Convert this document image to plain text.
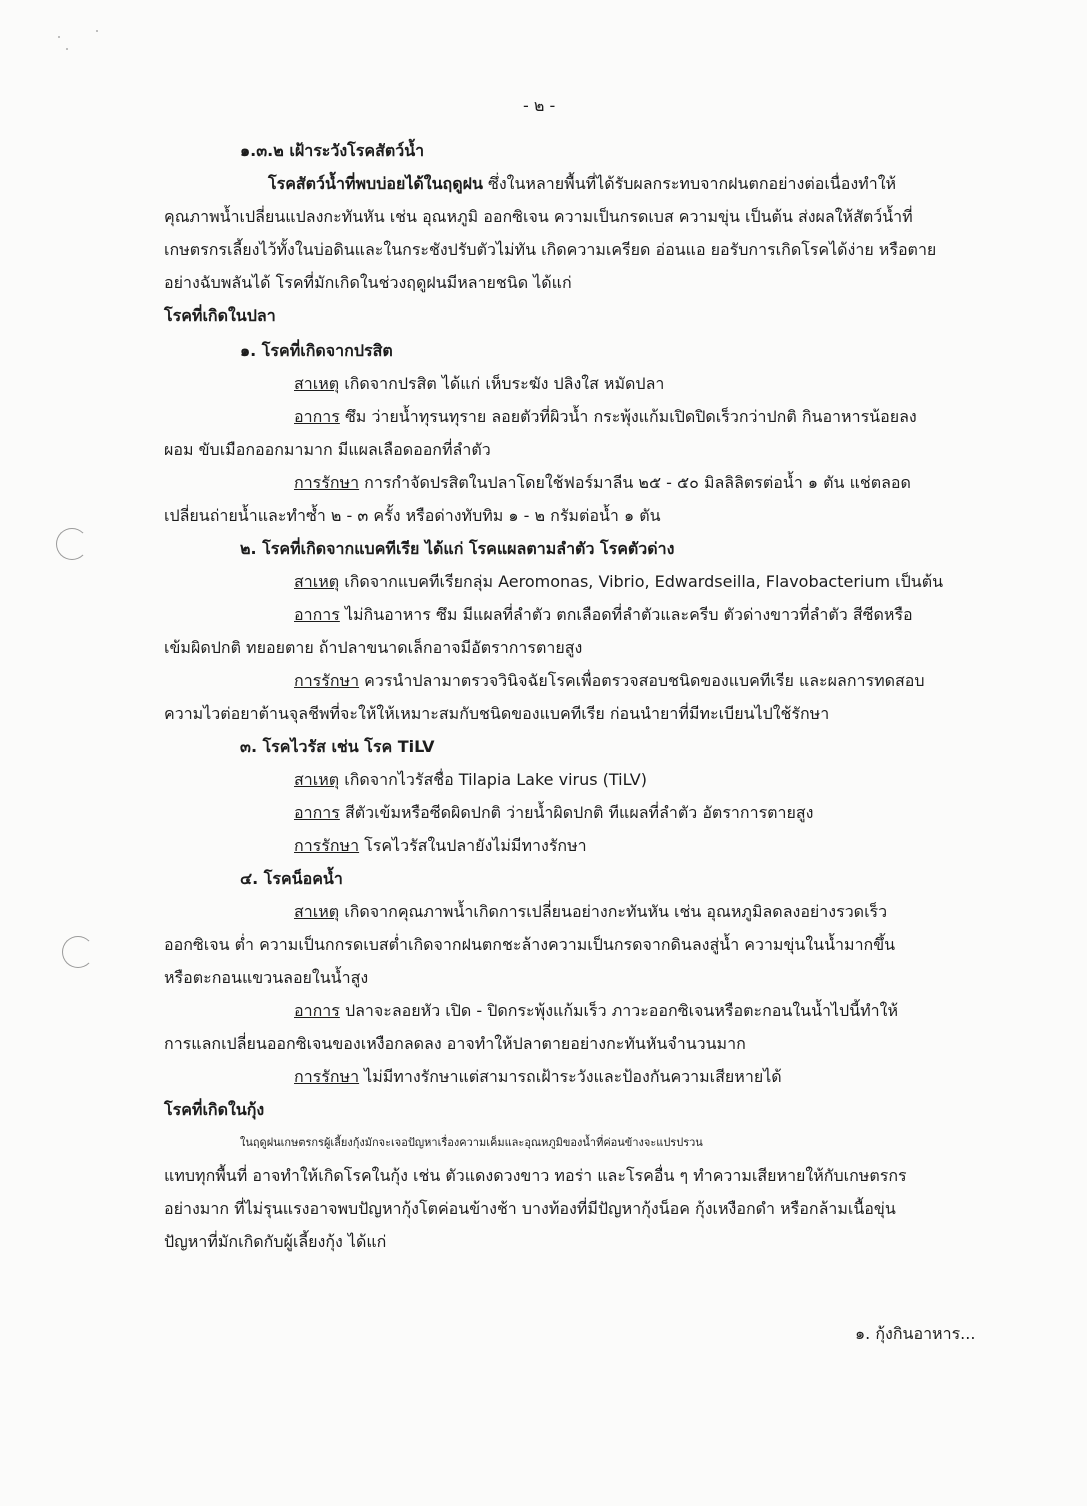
- ๒ -
๑.๓.๒ เฝ้าระวังโรคสัตว์น้ำ
โรคสัตว์น้ำที่พบบ่อยได้ในฤดูฝน ซึ่งในหลายพื้นที่ได้รับผลกระทบจากฝนตกอย่างต่อเนื่องทำให้
คุณภาพน้ำเปลี่ยนแปลงกะทันหัน เช่น อุณหภูมิ ออกซิเจน ความเป็นกรดเบส ความขุ่น เป็นต้น ส่งผลให้สัตว์น้ำที่
เกษตรกรเลี้ยงไว้ทั้งในบ่อดินและในกระชังปรับตัวไม่ทัน เกิดความเครียด อ่อนแอ ยอรับการเกิดโรคได้ง่าย หรือตาย
อย่างฉับพลันได้ โรคที่มักเกิดในช่วงฤดูฝนมีหลายชนิด ได้แก่
โรคที่เกิดในปลา
๑. โรคที่เกิดจากปรสิต
สาเหตุ เกิดจากปรสิต ได้แก่ เห็บระฆัง ปลิงใส หมัดปลา
อาการ ซึม ว่ายน้ำทุรนทุราย ลอยตัวที่ผิวน้ำ กระพุ้งแก้มเปิดปิดเร็วกว่าปกติ กินอาหารน้อยลง
ผอม ขับเมือกออกมามาก มีแผลเลือดออกที่ลำตัว
การรักษา การกำจัดปรสิตในปลาโดยใช้ฟอร์มาลีน ๒๕ - ๕๐ มิลลิลิตรต่อน้ำ ๑ ตัน แช่ตลอด
เปลี่ยนถ่ายน้ำและทำซ้ำ ๒ - ๓ ครั้ง หรือด่างทับทิม ๑ - ๒ กรัมต่อน้ำ ๑ ตัน
๒. โรคที่เกิดจากแบคทีเรีย ได้แก่ โรคแผลตามลำตัว โรคตัวด่าง
สาเหตุ เกิดจากแบคทีเรียกลุ่ม Aeromonas, Vibrio, Edwardseilla, Flavobacterium เป็นต้น
อาการ ไม่กินอาหาร ซึม มีแผลที่ลำตัว ตกเลือดที่ลำตัวและครีบ ตัวด่างขาวที่ลำตัว สีซีดหรือ
เข้มผิดปกติ ทยอยตาย ถ้าปลาขนาดเล็กอาจมีอัตราการตายสูง
การรักษา ควรนำปลามาตรวจวินิจฉัยโรคเพื่อตรวจสอบชนิดของแบคทีเรีย และผลการทดสอบ
ความไวต่อยาต้านจุลชีพที่จะให้ให้เหมาะสมกับชนิดของแบคทีเรีย ก่อนนำยาที่มีทะเบียนไปใช้รักษา
๓. โรคไวรัส เช่น โรค TiLV
สาเหตุ เกิดจากไวรัสชื่อ Tilapia Lake virus (TiLV)
อาการ สีตัวเข้มหรือซีดผิดปกติ ว่ายน้ำผิดปกติ ทีแผลที่ลำตัว อัตราการตายสูง
การรักษา โรคไวรัสในปลายังไม่มีทางรักษา
๔. โรคน็อคน้ำ
สาเหตุ เกิดจากคุณภาพน้ำเกิดการเปลี่ยนอย่างกะทันหัน เช่น อุณหภูมิลดลงอย่างรวดเร็ว
ออกซิเจน ต่ำ ความเป็นกกรดเบสต่ำเกิดจากฝนตกชะล้างความเป็นกรดจากดินลงสู่น้ำ ความขุ่นในน้ำมากขึ้น
หรือตะกอนแขวนลอยในน้ำสูง
อาการ ปลาจะลอยหัว เปิด - ปิดกระพุ้งแก้มเร็ว ภาวะออกซิเจนหรือตะกอนในน้ำไปนี้ทำให้
การแลกเปลี่ยนออกซิเจนของเหงือกลดลง อาจทำให้ปลาตายอย่างกะทันหันจำนวนมาก
การรักษา ไม่มีทางรักษาแต่สามารถเฝ้าระวังและป้องกันความเสียหายได้
โรคที่เกิดในกุ้ง
ในฤดูฝนเกษตรกรผู้เลี้ยงกุ้งมักจะเจอปัญหาเรื่องความเค็มและอุณหภูมิของน้ำที่ค่อนข้างจะแปรปรวน
แทบทุกพื้นที่ อาจทำให้เกิดโรคในกุ้ง เช่น ตัวแดงดวงขาว ทอร่า และโรคอื่น ๆ ทำความเสียหายให้กับเกษตรกร
อย่างมาก ที่ไม่รุนแรงอาจพบปัญหากุ้งโตค่อนข้างช้า บางท้องที่มีปัญหากุ้งน็อค กุ้งเหงือกดำ หรือกล้ามเนื้อขุ่น
ปัญหาที่มักเกิดกับผู้เลี้ยงกุ้ง ได้แก่
๑. กุ้งกินอาหาร...
